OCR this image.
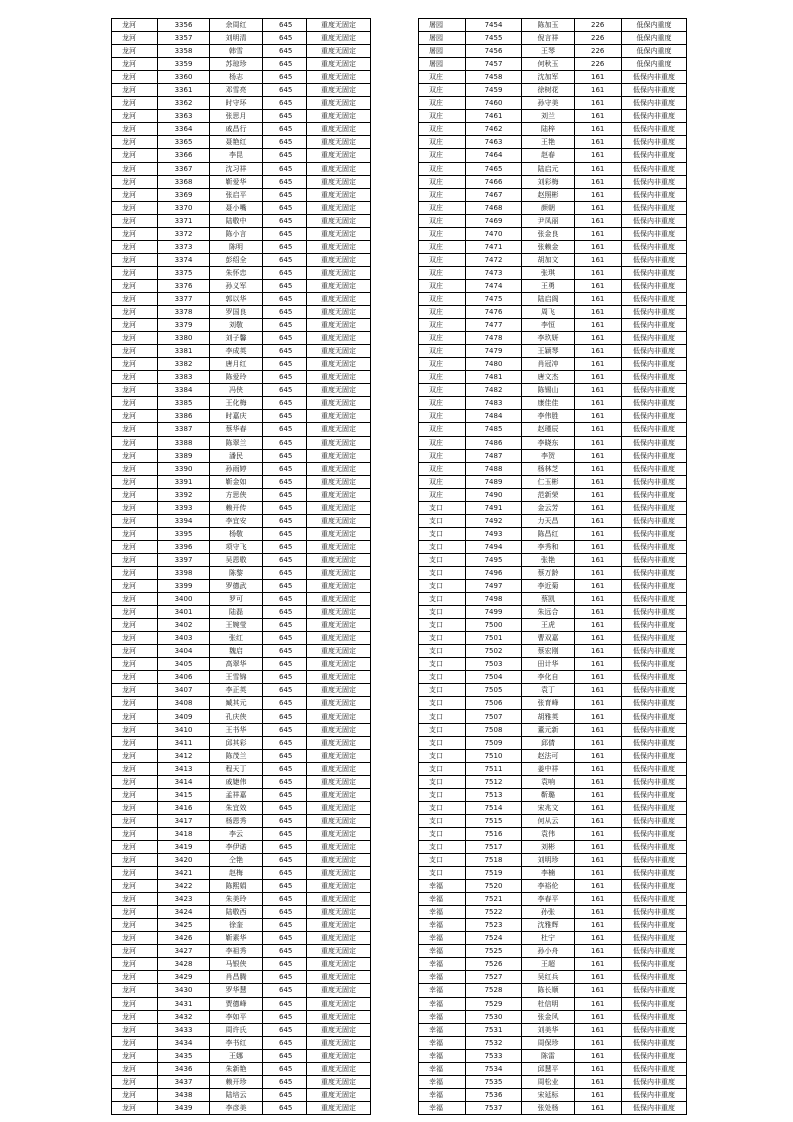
龙河	3356	余周红	645	重度无固定
龙河	3357	刘明清	645	重度无固定
龙河	3358	韩雪	645	重度无固定
龙河	3359	苏琼珍	645	重度无固定
龙河	3360	杨志	645	重度无固定
龙河	3361	邓雪亮	645	重度无固定
龙河	3362	时守环	645	重度无固定
龙河	3363	张思月	645	重度无固定
龙河	3364	戚昌行	645	重度无固定
龙河	3365	聂艳红	645	重度无固定
龙河	3366	李昆	645	重度无固定
龙河	3367	沈习祥	645	重度无固定
龙河	3368	靳爱华	645	重度无固定
龙河	3369	张启平	645	重度无固定
龙河	3370	聂小嘴	645	重度无固定
龙河	3371	陆敬中	645	重度无固定
龙河	3372	陈小言	645	重度无固定
龙河	3373	陈明	645	重度无固定
龙河	3374	彭绍全	645	重度无固定
龙河	3375	朱怀忠	645	重度无固定
龙河	3376	孙义军	645	重度无固定
龙河	3377	郭以华	645	重度无固定
龙河	3378	罗国良	645	重度无固定
龙河	3379	刘敬	645	重度无固定
龙河	3380	刘子馨	645	重度无固定
龙河	3381	李成英	645	重度无固定
龙河	3382	唐月红	645	重度无固定
龙河	3383	陈爱玲	645	重度无固定
龙河	3384	冯侠	645	重度无固定
龙河	3385	王化梅	645	重度无固定
龙河	3386	时嘉庆	645	重度无固定
龙河	3387	蔡华春	645	重度无固定
龙河	3388	陈翠兰	645	重度无固定
龙河	3389	潘民	645	重度无固定
龙河	3390	孙雨婷	645	重度无固定
龙河	3391	靳金如	645	重度无固定
龙河	3392	方思侠	645	重度无固定
龙河	3393	赖开传	645	重度无固定
龙河	3394	李宜安	645	重度无固定
龙河	3395	杨敬	645	重度无固定
龙河	3396	项守飞	645	重度无固定
龙河	3397	吴恩敬	645	重度无固定
龙河	3398	陈黎	645	重度无固定
龙河	3399	罗德武	645	重度无固定
龙河	3400	罗可	645	重度无固定
龙河	3401	陆磊	645	重度无固定
龙河	3402	王婉莹	645	重度无固定
龙河	3403	张红	645	重度无固定
龙河	3404	魏启	645	重度无固定
龙河	3405	高翠华	645	重度无固定
龙河	3406	王雪锦	645	重度无固定
龙河	3407	李正英	645	重度无固定
龙河	3408	臧其元	645	重度无固定
龙河	3409	孔庆侠	645	重度无固定
龙河	3410	王书华	645	重度无固定
龙河	3411	邱其彩	645	重度无固定
龙河	3412	陈茂兰	645	重度无固定
龙河	3413	程天丁	645	重度无固定
龙河	3414	戚婕伟	645	重度无固定
龙河	3415	孟祥嘉	645	重度无固定
龙河	3416	朱宜效	645	重度无固定
龙河	3417	杨恩秀	645	重度无固定
龙河	3418	李云	645	重度无固定
龙河	3419	李伊诺	645	重度无固定
龙河	3420	仝艳	645	重度无固定
龙河	3421	赵梅	645	重度无固定
龙河	3422	陈熙娟	645	重度无固定
龙河	3423	朱美玲	645	重度无固定
龙河	3424	陆敬西	645	重度无固定
龙河	3425	徐奎	645	重度无固定
龙河	3426	靳素华	645	重度无固定
龙河	3427	李祖秀	645	重度无固定
龙河	3428	马银侠	645	重度无固定
龙河	3429	肖昌腾	645	重度无固定
龙河	3430	罗华慧	645	重度无固定
龙河	3431	贾德峰	645	重度无固定
龙河	3432	李如平	645	重度无固定
龙河	3433	周许氏	645	重度无固定
龙河	3434	李书红	645	重度无固定
龙河	3435	王娜	645	重度无固定
龙河	3436	朱新艳	645	重度无固定
龙河	3437	赖开珍	645	重度无固定
龙河	3438	陆培云	645	重度无固定
龙河	3439	李彦美	645	重度无固定
屠园	7454	陈加玉	226	低保内重度
屠园	7455	倪言祥	226	低保内重度
屠园	7456	王琴	226	低保内重度
屠园	7457	何秋玉	226	低保内重度
双庄	7458	沈加军	161	低保内非重度
双庄	7459	徐树花	161	低保内非重度
双庄	7460	孙守美	161	低保内非重度
双庄	7461	刘兰	161	低保内非重度
双庄	7462	陆梓	161	低保内非重度
双庄	7463	王艳	161	低保内非重度
双庄	7464	赵春	161	低保内非重度
双庄	7465	陆启元	161	低保内非重度
双庄	7466	刘彩梅	161	低保内非重度
双庄	7467	赵照彬	161	低保内非重度
双庄	7468	颜朝	161	低保内非重度
双庄	7469	尹凤丽	161	低保内非重度
双庄	7470	张金良	161	低保内非重度
双庄	7471	张赖金	161	低保内非重度
双庄	7472	胡加文	161	低保内非重度
双庄	7473	张琪	161	低保内非重度
双庄	7474	王勇	161	低保内非重度
双庄	7475	陆启阁	161	低保内非重度
双庄	7476	周飞	161	低保内非重度
双庄	7477	李恒	161	低保内非重度
双庄	7478	李玖妍	161	低保内非重度
双庄	7479	王颖琴	161	低保内非重度
双庄	7480	肖冠冲	161	低保内非重度
双庄	7481	唐文杰	161	低保内非重度
双庄	7482	陈锡山	161	低保内非重度
双庄	7483	康佳佳	161	低保内非重度
双庄	7484	李伟胜	161	低保内非重度
双庄	7485	赵瑾辰	161	低保内非重度
双庄	7486	李晓东	161	低保内非重度
双庄	7487	李贺	161	低保内非重度
双庄	7488	杨林芝	161	低保内非重度
双庄	7489	仁玉彬	161	低保内非重度
双庄	7490	范新荣	161	低保内非重度
支口	7491	金云芳	161	低保内非重度
支口	7492	力天昌	161	低保内非重度
支口	7493	陈昌红	161	低保内非重度
支口	7494	李秀和	161	低保内非重度
支口	7495	张艳	161	低保内非重度
支口	7496	蔡万龄	161	低保内非重度
支口	7497	李近菊	161	低保内非重度
支口	7498	蔡凯	161	低保内非重度
支口	7499	朱远合	161	低保内非重度
支口	7500	王虎	161	低保内非重度
支口	7501	曹双嘉	161	低保内非重度
支口	7502	蔡宏刚	161	低保内非重度
支口	7503	田计华	161	低保内非重度
支口	7504	李化自	161	低保内非重度
支口	7505	袁丁	161	低保内非重度
支口	7506	张育峰	161	低保内非重度
支口	7507	胡雅英	161	低保内非重度
支口	7508	董元新	161	低保内非重度
支口	7509	邱倩	161	低保内非重度
支口	7510	赵法可	161	低保内非重度
支口	7511	姜中祥	161	低保内非重度
支口	7512	袁响	161	低保内非重度
支口	7513	靳璐	161	低保内非重度
支口	7514	宋兆文	161	低保内非重度
支口	7515	何从云	161	低保内非重度
支口	7516	袁伟	161	低保内非重度
支口	7517	刘彬	161	低保内非重度
支口	7518	刘明珍	161	低保内非重度
支口	7519	李楠	161	低保内非重度
幸福	7520	李裕伦	161	低保内非重度
幸福	7521	李春平	161	低保内非重度
幸福	7522	孙张	161	低保内非重度
幸福	7523	沈雅辉	161	低保内非重度
幸福	7524	杜宁	161	低保内非重度
幸福	7525	孙小舟	161	低保内非重度
幸福	7526	王超	161	低保内非重度
幸福	7527	吴红兵	161	低保内非重度
幸福	7528	陈长顺	161	低保内非重度
幸福	7529	杜信明	161	低保内非重度
幸福	7530	张金风	161	低保内非重度
幸福	7531	刘美华	161	低保内非重度
幸福	7532	周保珍	161	低保内非重度
幸福	7533	陈雷	161	低保内非重度
幸福	7534	邱慧平	161	低保内非重度
幸福	7535	周松业	161	低保内非重度
幸福	7536	宋延标	161	低保内非重度
幸福	7537	张处杨	161	低保内非重度
